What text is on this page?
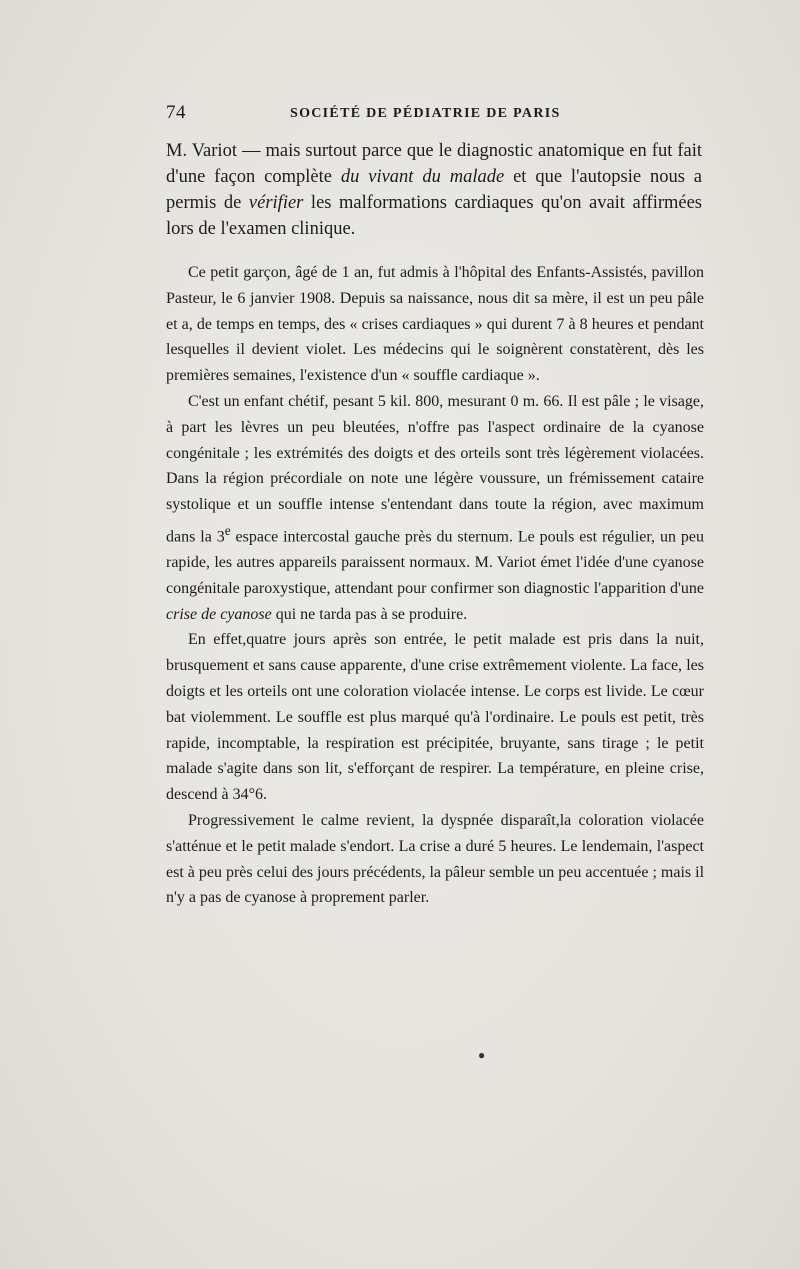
74	SOCIÉTÉ DE PÉDIATRIE DE PARIS

M. Variot — mais surtout parce que le diagnostic anatomique en fut fait d'une façon complète du vivant du malade et que l'autopsie nous a permis de vérifier les malformations cardiaques qu'on avait affirmées lors de l'examen clinique.

Ce petit garçon, âgé de 1 an, fut admis à l'hôpital des Enfants-Assistés, pavillon Pasteur, le 6 janvier 1908. Depuis sa naissance, nous dit sa mère, il est un peu pâle et a, de temps en temps, des « crises cardiaques » qui durent 7 à 8 heures et pendant lesquelles il devient violet. Les médecins qui le soignèrent constatèrent, dès les premières semaines, l'existence d'un « souffle cardiaque ».

C'est un enfant chétif, pesant 5 kil. 800, mesurant 0 m. 66. Il est pâle ; le visage, à part les lèvres un peu bleutées, n'offre pas l'aspect ordinaire de la cyanose congénitale ; les extrémités des doigts et des orteils sont très légèrement violacées. Dans la région précordiale on note une légère voussure, un frémissement cataire systolique et un souffle intense s'entendant dans toute la région, avec maximum dans la 3e espace intercostal gauche près du sternum. Le pouls est régulier, un peu rapide, les autres appareils paraissent normaux. M. Variot émet l'idée d'une cyanose congénitale paroxystique, attendant pour confirmer son diagnostic l'apparition d'une crise de cyanose qui ne tarda pas à se produire.

En effet,quatre jours après son entrée, le petit malade est pris dans la nuit, brusquement et sans cause apparente, d'une crise extrêmement violente. La face, les doigts et les orteils ont une coloration violacée intense. Le corps est livide. Le cœur bat violemment. Le souffle est plus marqué qu'à l'ordinaire. Le pouls est petit, très rapide, incomptable, la respiration est précipitée, bruyante, sans tirage ; le petit malade s'agite dans son lit, s'efforçant de respirer. La température, en pleine crise, descend à 34°6.

Progressivement le calme revient, la dyspnée disparaît,la coloration violacée s'atténue et le petit malade s'endort. La crise a duré 5 heures. Le lendemain, l'aspect est à peu près celui des jours précédents, la pâleur semble un peu accentuée ; mais il n'y a pas de cyanose à proprement parler.

●
